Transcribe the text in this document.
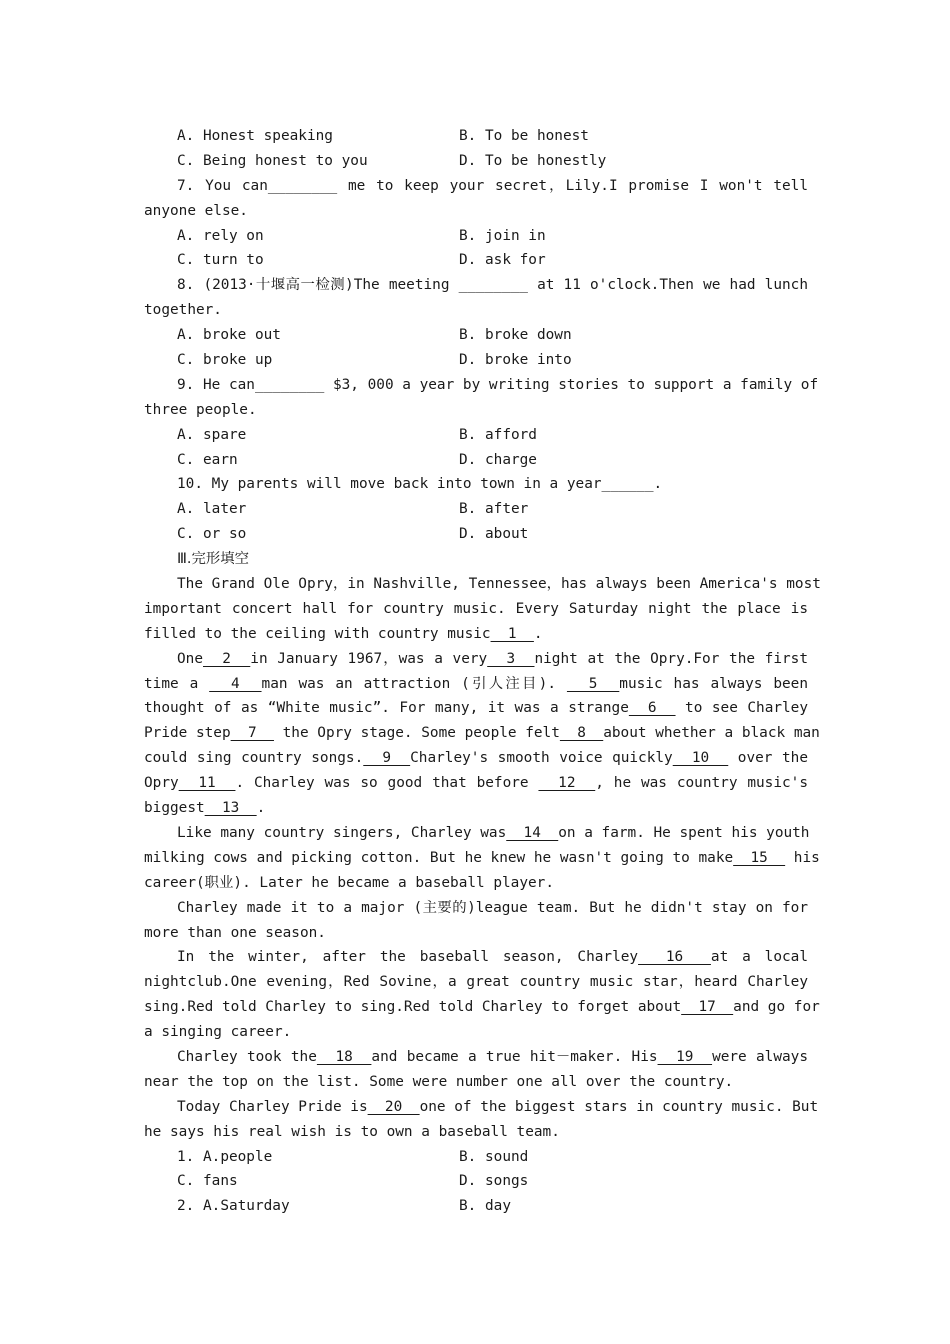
A. Honest speaking	B. To be honest
C. Being honest to you	D. To be honestly
7. You can________ me to keep your secret，Lily.I promise I won't tell
anyone else.
A. rely on	B. join in
C. turn to	D. ask for
8. (2013·十堰高一检测)The meeting ________ at 11 o'clock.Then we had lunch
together.
A. broke out	B. broke down
C. broke up	D. broke into
9. He can________ $3, 000 a year by writing stories to support a family of
three people.
A. spare	B. afford
C. earn	D. charge
10. My parents will move back into town in a year______.
A. later	B. after
C. or so	D. about
Ⅲ.完形填空
The Grand Ole Opry，in Nashville, Tennessee，has always been America's most
important concert hall for country music. Every Saturday night the place is
filled to the ceiling with country music  1  .
One  2  in January 1967，was a very  3  night at the Opry.For the first
time a   4  man was an attraction (引人注目).   5  music has always been
thought of as “White music”. For many, it was a strange  6   to see Charley
Pride step  7   the Opry stage. Some people felt  8  about whether a black man
could sing country songs.  9  Charley's smooth voice quickly  10   over the
Opry  11  . Charley was so good that before   12  , he was country music's
biggest  13  .
Like many country singers, Charley was  14  on a farm. He spent his youth
milking cows and picking cotton. But he knew he wasn't going to make  15   his
career(职业). Later he became a baseball player.
Charley made it to a major (主要的)league team. But he didn't stay on for
more than one season.
In the winter, after the baseball season, Charley  16  at a local
nightclub.One evening，Red Sovine，a great country music star，heard Charley
sing.Red told Charley to sing.Red told Charley to forget about  17  and go for
a singing career.
Charley took the  18  and became a true hit－maker. His  19  were always
near the top on the list. Some were number one all over the country.
Today Charley Pride is  20  one of the biggest stars in country music. But
he says his real wish is to own a baseball team.
1. A.people	B. sound
C. fans	D. songs
2. A.Saturday	B. day
